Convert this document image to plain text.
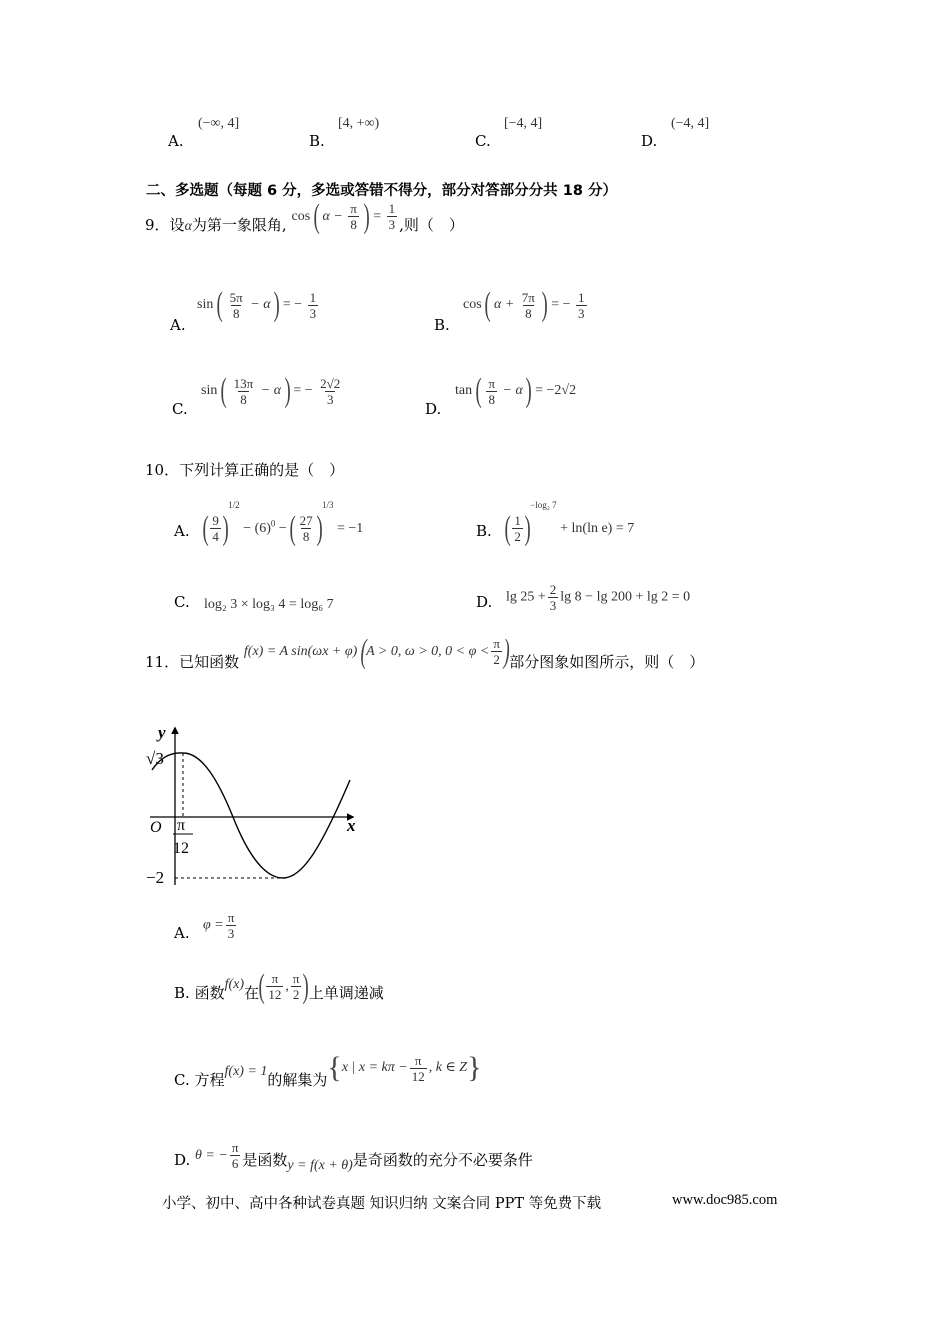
A.
(−∞, 4]
B.
[4, +∞)
C.
[−4, 4]
D.
(−4, 4]
二、多选题（每题 6 分，多选或答错不得分，部分对答部分分共 18 分）
9．设α为第一象限角, cos ( $\alpha - \frac{\pi}{8}$ ) = $\frac{1}{3}$ ,则（　）
A.
sin ( $\frac{5\pi}{8} - \alpha$ ) = − $\frac{1}{3}$
B.
cos ( $\alpha + \frac{7\pi}{8}$ ) = − $\frac{1}{3}$
C.
sin ( $\frac{13\pi}{8} - \alpha$ ) = − $\frac{2√2}{3}$
D.
tan ( $\frac{\pi}{8} - \alpha$ ) = −2√2
10．下列计算正确的是（　）
A. ( $\frac{9}{4} )^{1/2} - (6)^0$ − ( $\frac{27}{8} )^{1/3} = -1$	B. ( $\frac{1}{2} )^{-log_2 7} + \ln(\ln$ e) = 7
C. log₂ 3 × log₃ 4 = log₆ 7	D. $\lg 25 + \frac{2}{3}$ lg 8 − lg 200 + lg 2 = 0
11．已知函数 f(x) = A sin(ωx + φ) (A > 0, ω > 0, $0 < \varphi < \frac{\pi}{2}$ )部分图象如图所示，则（　）
y
x
O
√3
−2
π
12
A. $\varphi = \frac{\pi}{3}$
B. 函数f(x)在( $\frac{\pi}{12}$ , $\frac{\pi}{2}$ )上单调递减
C. 方程f(x) = 1的解集为{x | $x = k\pi - \frac{\pi}{12}$ , k ∈ Z}
D. θ = − $\frac{\pi}{6}$ 是函数y = f(x + θ)是奇函数的充分不必要条件
小学、初中、高中各种试卷真题 知识归纳 文案合同 PPT 等免费下载	www.doc985.com
